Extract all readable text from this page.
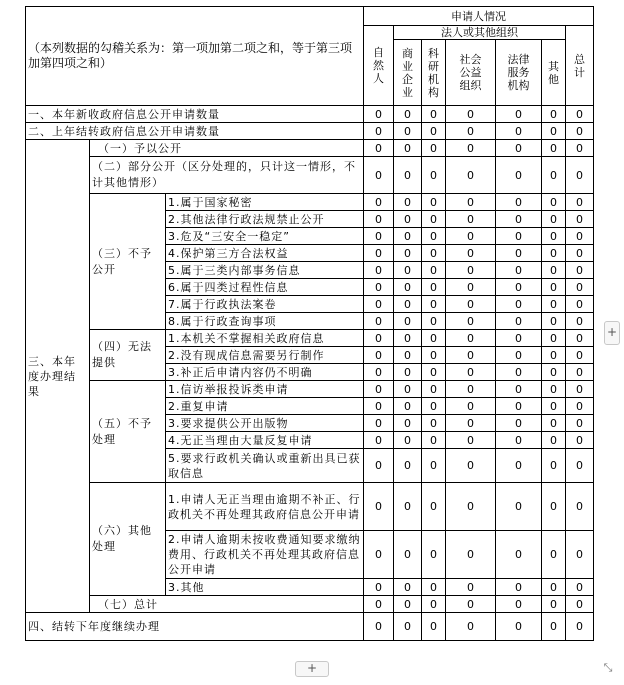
（本列数据的勾稽关系为：第一项加第二项之和，等于第三项加第四项之和）			申请人情况						
			自然人	法人或其他组织					总计
				商业企业	科研机构	社会公益组织	法律服务机构	其他	
一、本年新收政府信息公开申请数量			0	0	0	0	0	0	0
二、上年结转政府信息公开申请数量			0	0	0	0	0	0	0
三、本年度办理结果	（一）予以公开		0	0	0	0	0	0	0
	（二）部分公开（区分处理的，只计这一情形，不计其他情形）		0	0	0	0	0	0	0
	（三）不予公开	1.属于国家秘密	0	0	0	0	0	0	0
		2.其他法律行政法规禁止公开	0	0	0	0	0	0	0
		3.危及“三安全一稳定”	0	0	0	0	0	0	0
		4.保护第三方合法权益	0	0	0	0	0	0	0
		5.属于三类内部事务信息	0	0	0	0	0	0	0
		6.属于四类过程性信息	0	0	0	0	0	0	0
		7.属于行政执法案卷	0	0	0	0	0	0	0
		8.属于行政查询事项	0	0	0	0	0	0	0
	（四）无法提供	1.本机关不掌握相关政府信息	0	0	0	0	0	0	0
		2.没有现成信息需要另行制作	0	0	0	0	0	0	0
		3.补正后申请内容仍不明确	0	0	0	0	0	0	0
	（五）不予处理	1.信访举报投诉类申请	0	0	0	0	0	0	0
		2.重复申请	0	0	0	0	0	0	0
		3.要求提供公开出版物	0	0	0	0	0	0	0
		4.无正当理由大量反复申请	0	0	0	0	0	0	0
		5.要求行政机关确认或重新出具已获取信息	0	0	0	0	0	0	0
	（六）其他处理	1.申请人无正当理由逾期不补正、行政机关不再处理其政府信息公开申请	0	0	0	0	0	0	0
		2.申请人逾期未按收费通知要求缴纳费用、行政机关不再处理其政府信息公开申请	0	0	0	0	0	0	0
		3.其他	0	0	0	0	0	0	0
	（七）总计		0	0	0	0	0	0	0
四、结转下年度继续办理			0	0	0	0	0	0	0
+
+
⤡
